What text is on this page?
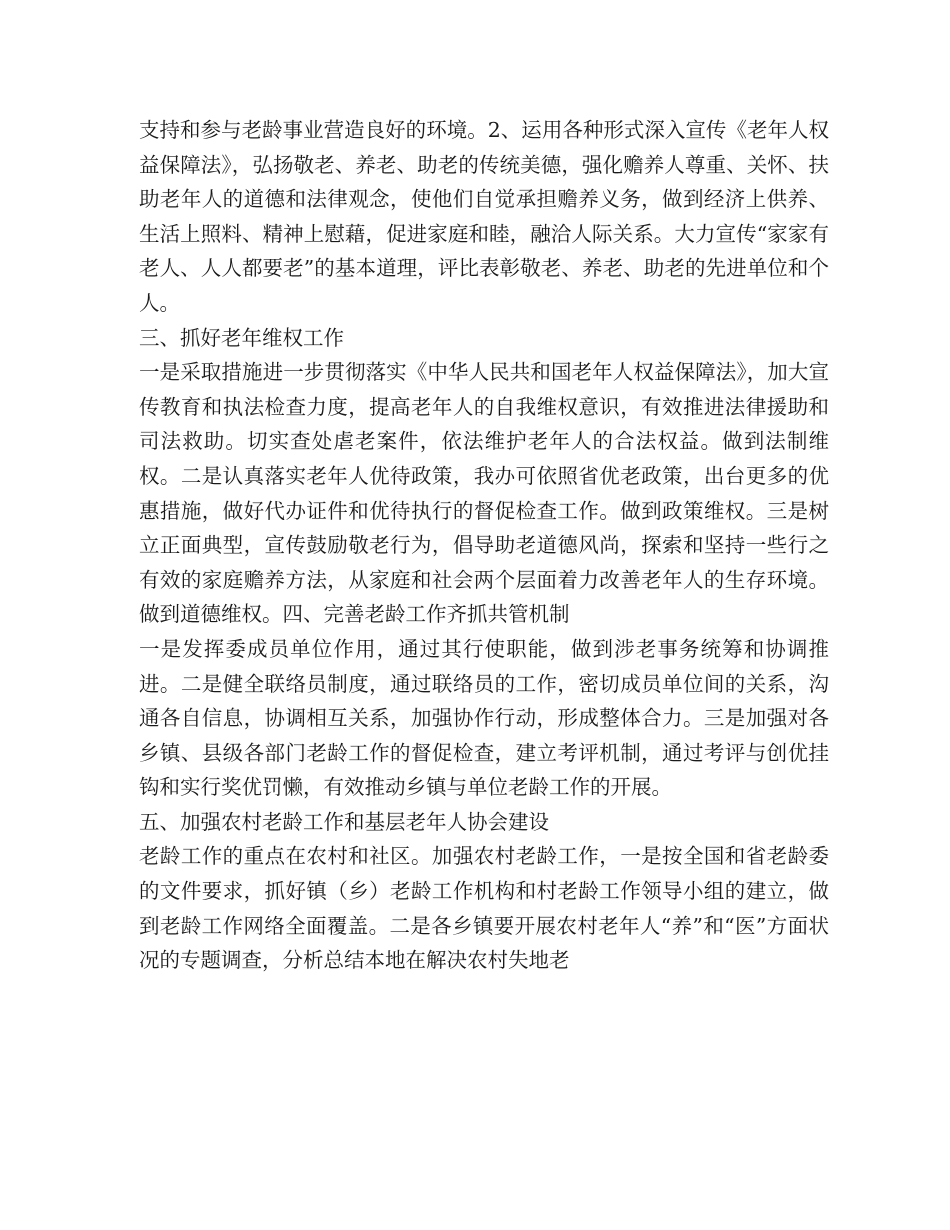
支持和参与老龄事业营造良好的环境。2、运用各种形式深入宣传《老年人权益保障法》，弘扬敬老、养老、助老的传统美德，强化赡养人尊重、关怀、扶助老年人的道德和法律观念，使他们自觉承担赡养义务，做到经济上供养、生活上照料、精神上慰藉，促进家庭和睦，融洽人际关系。大力宣传“家家有老人、人人都要老”的基本道理，评比表彰敬老、养老、助老的先进单位和个人。

三、抓好老年维权工作

一是采取措施进一步贯彻落实《中华人民共和国老年人权益保障法》，加大宣传教育和执法检查力度，提高老年人的自我维权意识，有效推进法律援助和司法救助。切实查处虐老案件，依法维护老年人的合法权益。做到法制维权。二是认真落实老年人优待政策，我办可依照省优老政策，出台更多的优惠措施，做好代办证件和优待执行的督促检查工作。做到政策维权。三是树立正面典型，宣传鼓励敬老行为，倡导助老道德风尚，探索和坚持一些行之有效的家庭赡养方法，从家庭和社会两个层面着力改善老年人的生存环境。做到道德维权。四、完善老龄工作齐抓共管机制

一是发挥委成员单位作用，通过其行使职能，做到涉老事务统筹和协调推进。二是健全联络员制度，通过联络员的工作，密切成员单位间的关系，沟通各自信息，协调相互关系，加强协作行动，形成整体合力。三是加强对各乡镇、县级各部门老龄工作的督促检查，建立考评机制，通过考评与创优挂钩和实行奖优罚懒，有效推动乡镇与单位老龄工作的开展。

五、加强农村老龄工作和基层老年人协会建设

老龄工作的重点在农村和社区。加强农村老龄工作，一是按全国和省老龄委的文件要求，抓好镇（乡）老龄工作机构和村老龄工作领导小组的建立，做到老龄工作网络全面覆盖。二是各乡镇要开展农村老年人“养”和“医”方面状况的专题调查，分析总结本地在解决农村失地老
